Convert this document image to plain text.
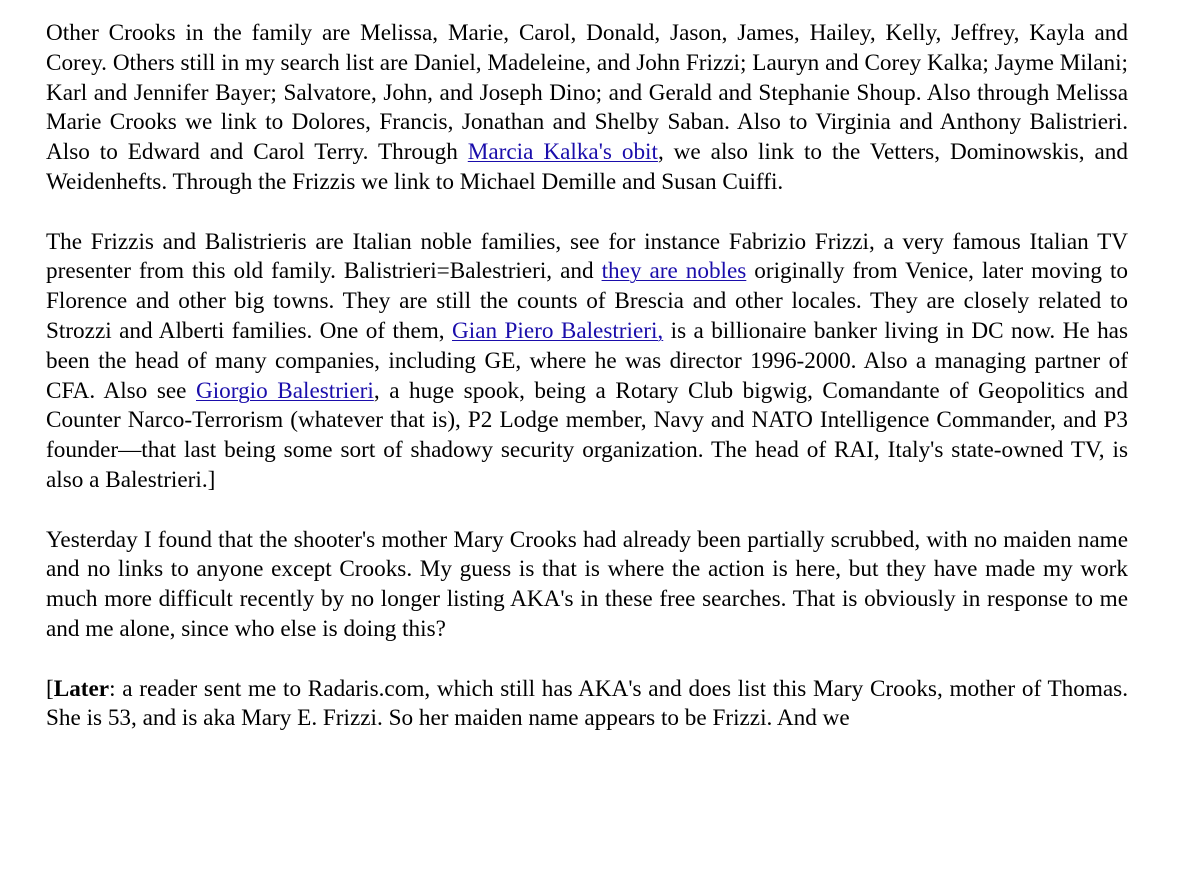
Other Crooks in the family are Melissa, Marie, Carol, Donald, Jason, James, Hailey, Kelly, Jeffrey, Kayla and Corey. Others still in my search list are Daniel, Madeleine, and John Frizzi; Lauryn and Corey Kalka; Jayme Milani; Karl and Jennifer Bayer; Salvatore, John, and Joseph Dino; and Gerald and Stephanie Shoup. Also through Melissa Marie Crooks we link to Dolores, Francis, Jonathan and Shelby Saban. Also to Virginia and Anthony Balistrieri. Also to Edward and Carol Terry. Through Marcia Kalka's obit, we also link to the Vetters, Dominowskis, and Weidenhefts. Through the Frizzis we link to Michael Demille and Susan Cuiffi.

The Frizzis and Balistrieris are Italian noble families, see for instance Fabrizio Frizzi, a very famous Italian TV presenter from this old family. Balistrieri=Balestrieri, and they are nobles originally from Venice, later moving to Florence and other big towns. They are still the counts of Brescia and other locales. They are closely related to Strozzi and Alberti families. One of them, Gian Piero Balestrieri, is a billionaire banker living in DC now. He has been the head of many companies, including GE, where he was director 1996-2000. Also a managing partner of CFA. Also see Giorgio Balestrieri, a huge spook, being a Rotary Club bigwig, Comandante of Geopolitics and Counter Narco-Terrorism (whatever that is), P2 Lodge member, Navy and NATO Intelligence Commander, and P3 founder—that last being some sort of shadowy security organization. The head of RAI, Italy's state-owned TV, is also a Balestrieri.]

Yesterday I found that the shooter's mother Mary Crooks had already been partially scrubbed, with no maiden name and no links to anyone except Crooks. My guess is that is where the action is here, but they have made my work much more difficult recently by no longer listing AKA's in these free searches. That is obviously in response to me and me alone, since who else is doing this?

[Later: a reader sent me to Radaris.com, which still has AKA's and does list this Mary Crooks, mother of Thomas. She is 53, and is aka Mary E. Frizzi. So her maiden name appears to be Frizzi. And we
